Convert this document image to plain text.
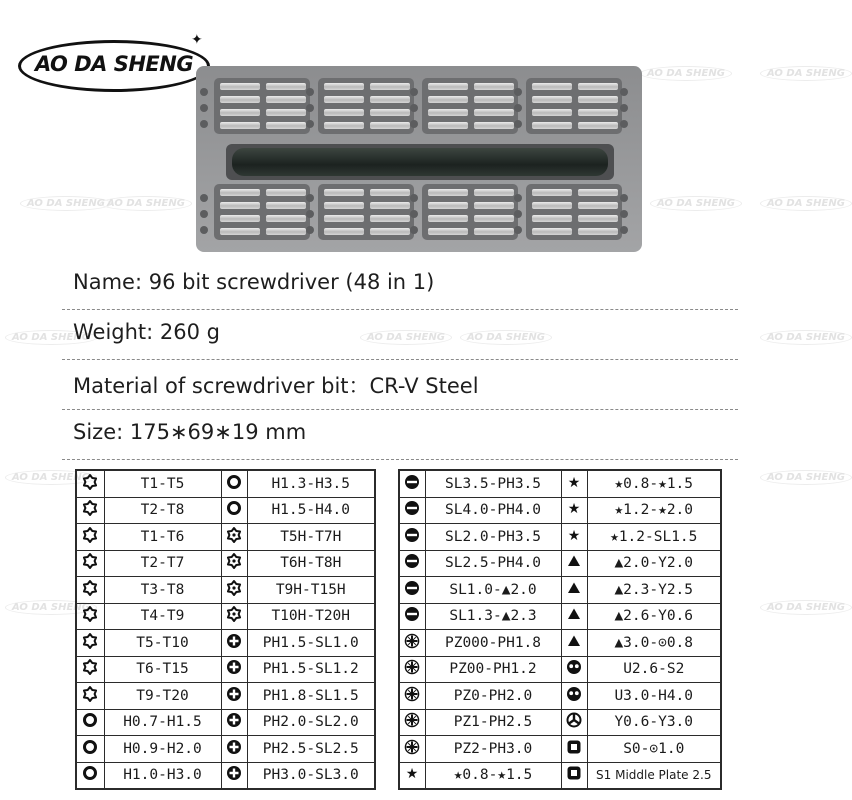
AO DA SHENG	AO DA SHENG
AO DA SHENG AO DA SHENG	AO DA SHENG	AO DA SHENG
AO DA SHENG	AO DA SHENG	AO DA SHENG	AO DA SHENG
AO DA SHENG	AO DA SHENG
AO DA SHENG
AO DA SHENG
AO DA SHENG
✦
Name: 96 bit screwdriver (48 in 1)
Weight: 260 g
Material of screwdriver bit：CR-V Steel
Size: 175∗69∗19 mm
	T1-T5		H1.3-H3.5
	T2-T8		H1.5-H4.0
	T1-T6		T5H-T7H
	T2-T7		T6H-T8H
	T3-T8		T9H-T15H
	T4-T9		T10H-T20H
	T5-T10		PH1.5-SL1.0
	T6-T15		PH1.5-SL1.2
	T9-T20		PH1.8-SL1.5
	H0.7-H1.5		PH2.0-SL2.0
	H0.9-H2.0		PH2.5-SL2.5
	H1.0-H3.0		PH3.0-SL3.0
	SL3.5-PH3.5	★	★0.8-★1.5
	SL4.0-PH4.0	★	★1.2-★2.0
	SL2.0-PH3.5	★	★1.2-SL1.5
	SL2.5-PH4.0		▲2.0-Y2.0
	SL1.0-▲2.0		▲2.3-Y2.5
	SL1.3-▲2.3		▲2.6-Y0.6
	PZ000-PH1.8		▲3.0-⊙0.8
	PZ00-PH1.2		U2.6-S2
	PZ0-PH2.0		U3.0-H4.0
	PZ1-PH2.5		Y0.6-Y3.0
	PZ2-PH3.0		S0-⊙1.0

★	★0.8-★1.5		S1 Middle Plate 2.5
